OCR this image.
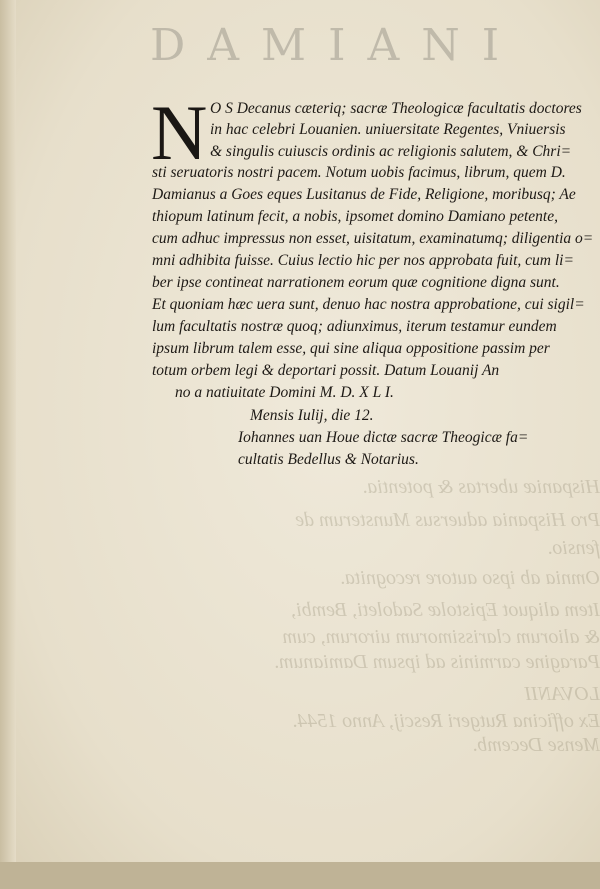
DAMIANI
Hispaniæ ubertas & potentia.
Pro Hispania aduersus Munsterum de
fensio.
Omnia ab ipso autore recognita.
Item aliquot Epistolæ Sadoleti, Bembi,
& aliorum clarissimorum uirorum, cum
Paragine carminis ad ipsum Damianum.
LOVANII
Ex officina Rutgeri Rescij, Anno 1544.
Mense Decemb.
N O S Decanus cæteriq; sacræ Theologicæ facultatis doctores
in hac celebri Louanien. uniuersitate Regentes, Vniuersis
& singulis cuiuscis ordinis ac religionis salutem, & Chri=
sti seruatoris nostri pacem. Notum uobis facimus, librum, quem D.
Damianus a Goes eques Lusitanus de Fide, Religione, moribusq; Ae
thiopum latinum fecit, a nobis, ipsomet domino Damiano petente,
cum adhuc impressus non esset, uisitatum, examinatumq; diligentia o=
mni adhibita fuisse. Cuius lectio hic per nos approbata fuit, cum li=
ber ipse contineat narrationem eorum quæ cognitione digna sunt.
Et quoniam hæc uera sunt, denuo hac nostra approbatione, cui sigil=
lum facultatis nostræ quoq; adiunximus, iterum testamur eundem
ipsum librum talem esse, qui sine aliqua oppositione passim per
totum orbem legi & deportari possit. Datum Louanij An
no a natiuitate Domini M. D. X L I.
Mensis Iulij, die 12.
Iohannes uan Houe dictæ sacræ Theogicæ fa=
cultatis Bedellus & Notarius.
